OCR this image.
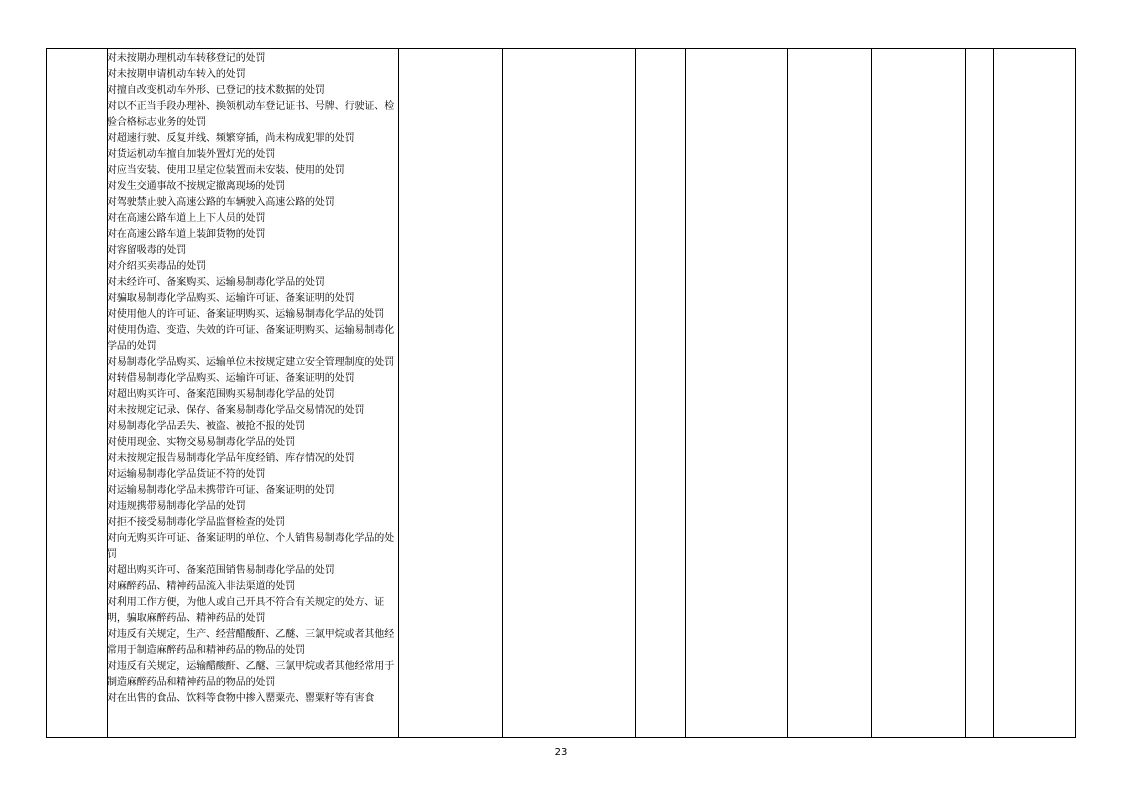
对未按期办理机动车转移登记的处罚

对未按期申请机动车转入的处罚

对擅自改变机动车外形、已登记的技术数据的处罚

对以不正当手段办理补、换领机动车登记证书、号牌、行驶证、检验合格标志业务的处罚

对超速行驶、反复并线、频繁穿插，尚未构成犯罪的处罚

对货运机动车擅自加装外置灯光的处罚

对应当安装、使用卫星定位装置而未安装、使用的处罚

对发生交通事故不按规定撤离现场的处罚

对驾驶禁止驶入高速公路的车辆驶入高速公路的处罚

对在高速公路车道上上下人员的处罚

对在高速公路车道上装卸货物的处罚

对容留吸毒的处罚

对介绍买卖毒品的处罚

对未经许可、备案购买、运输易制毒化学品的处罚

对骗取易制毒化学品购买、运输许可证、备案证明的处罚

对使用他人的许可证、备案证明购买、运输易制毒化学品的处罚

对使用伪造、变造、失效的许可证、备案证明购买、运输易制毒化学品的处罚

对易制毒化学品购买、运输单位未按规定建立安全管理制度的处罚

对转借易制毒化学品购买、运输许可证、备案证明的处罚

对超出购买许可、备案范围购买易制毒化学品的处罚

对未按规定记录、保存、备案易制毒化学品交易情况的处罚

对易制毒化学品丢失、被盗、被抢不报的处罚

对使用现金、实物交易易制毒化学品的处罚

对未按规定报告易制毒化学品年度经销、库存情况的处罚

对运输易制毒化学品货证不符的处罚

对运输易制毒化学品未携带许可证、备案证明的处罚

对违规携带易制毒化学品的处罚

对拒不接受易制毒化学品监督检查的处罚

对向无购买许可证、备案证明的单位、个人销售易制毒化学品的处罚

对超出购买许可、备案范围销售易制毒化学品的处罚

对麻醉药品、精神药品流入非法渠道的处罚

对利用工作方便，为他人或自己开具不符合有关规定的处方、证明，骗取麻醉药品、精神药品的处罚

对违反有关规定，生产、经营醋酸酐、乙醚、三氯甲烷或者其他经常用于制造麻醉药品和精神药品的物品的处罚

对违反有关规定，运输醋酸酐、乙醚、三氯甲烷或者其他经常用于制造麻醉药品和精神药品的物品的处罚

对在出售的食品、饮料等食物中掺入罂粟壳、罂粟籽等有害食

23
